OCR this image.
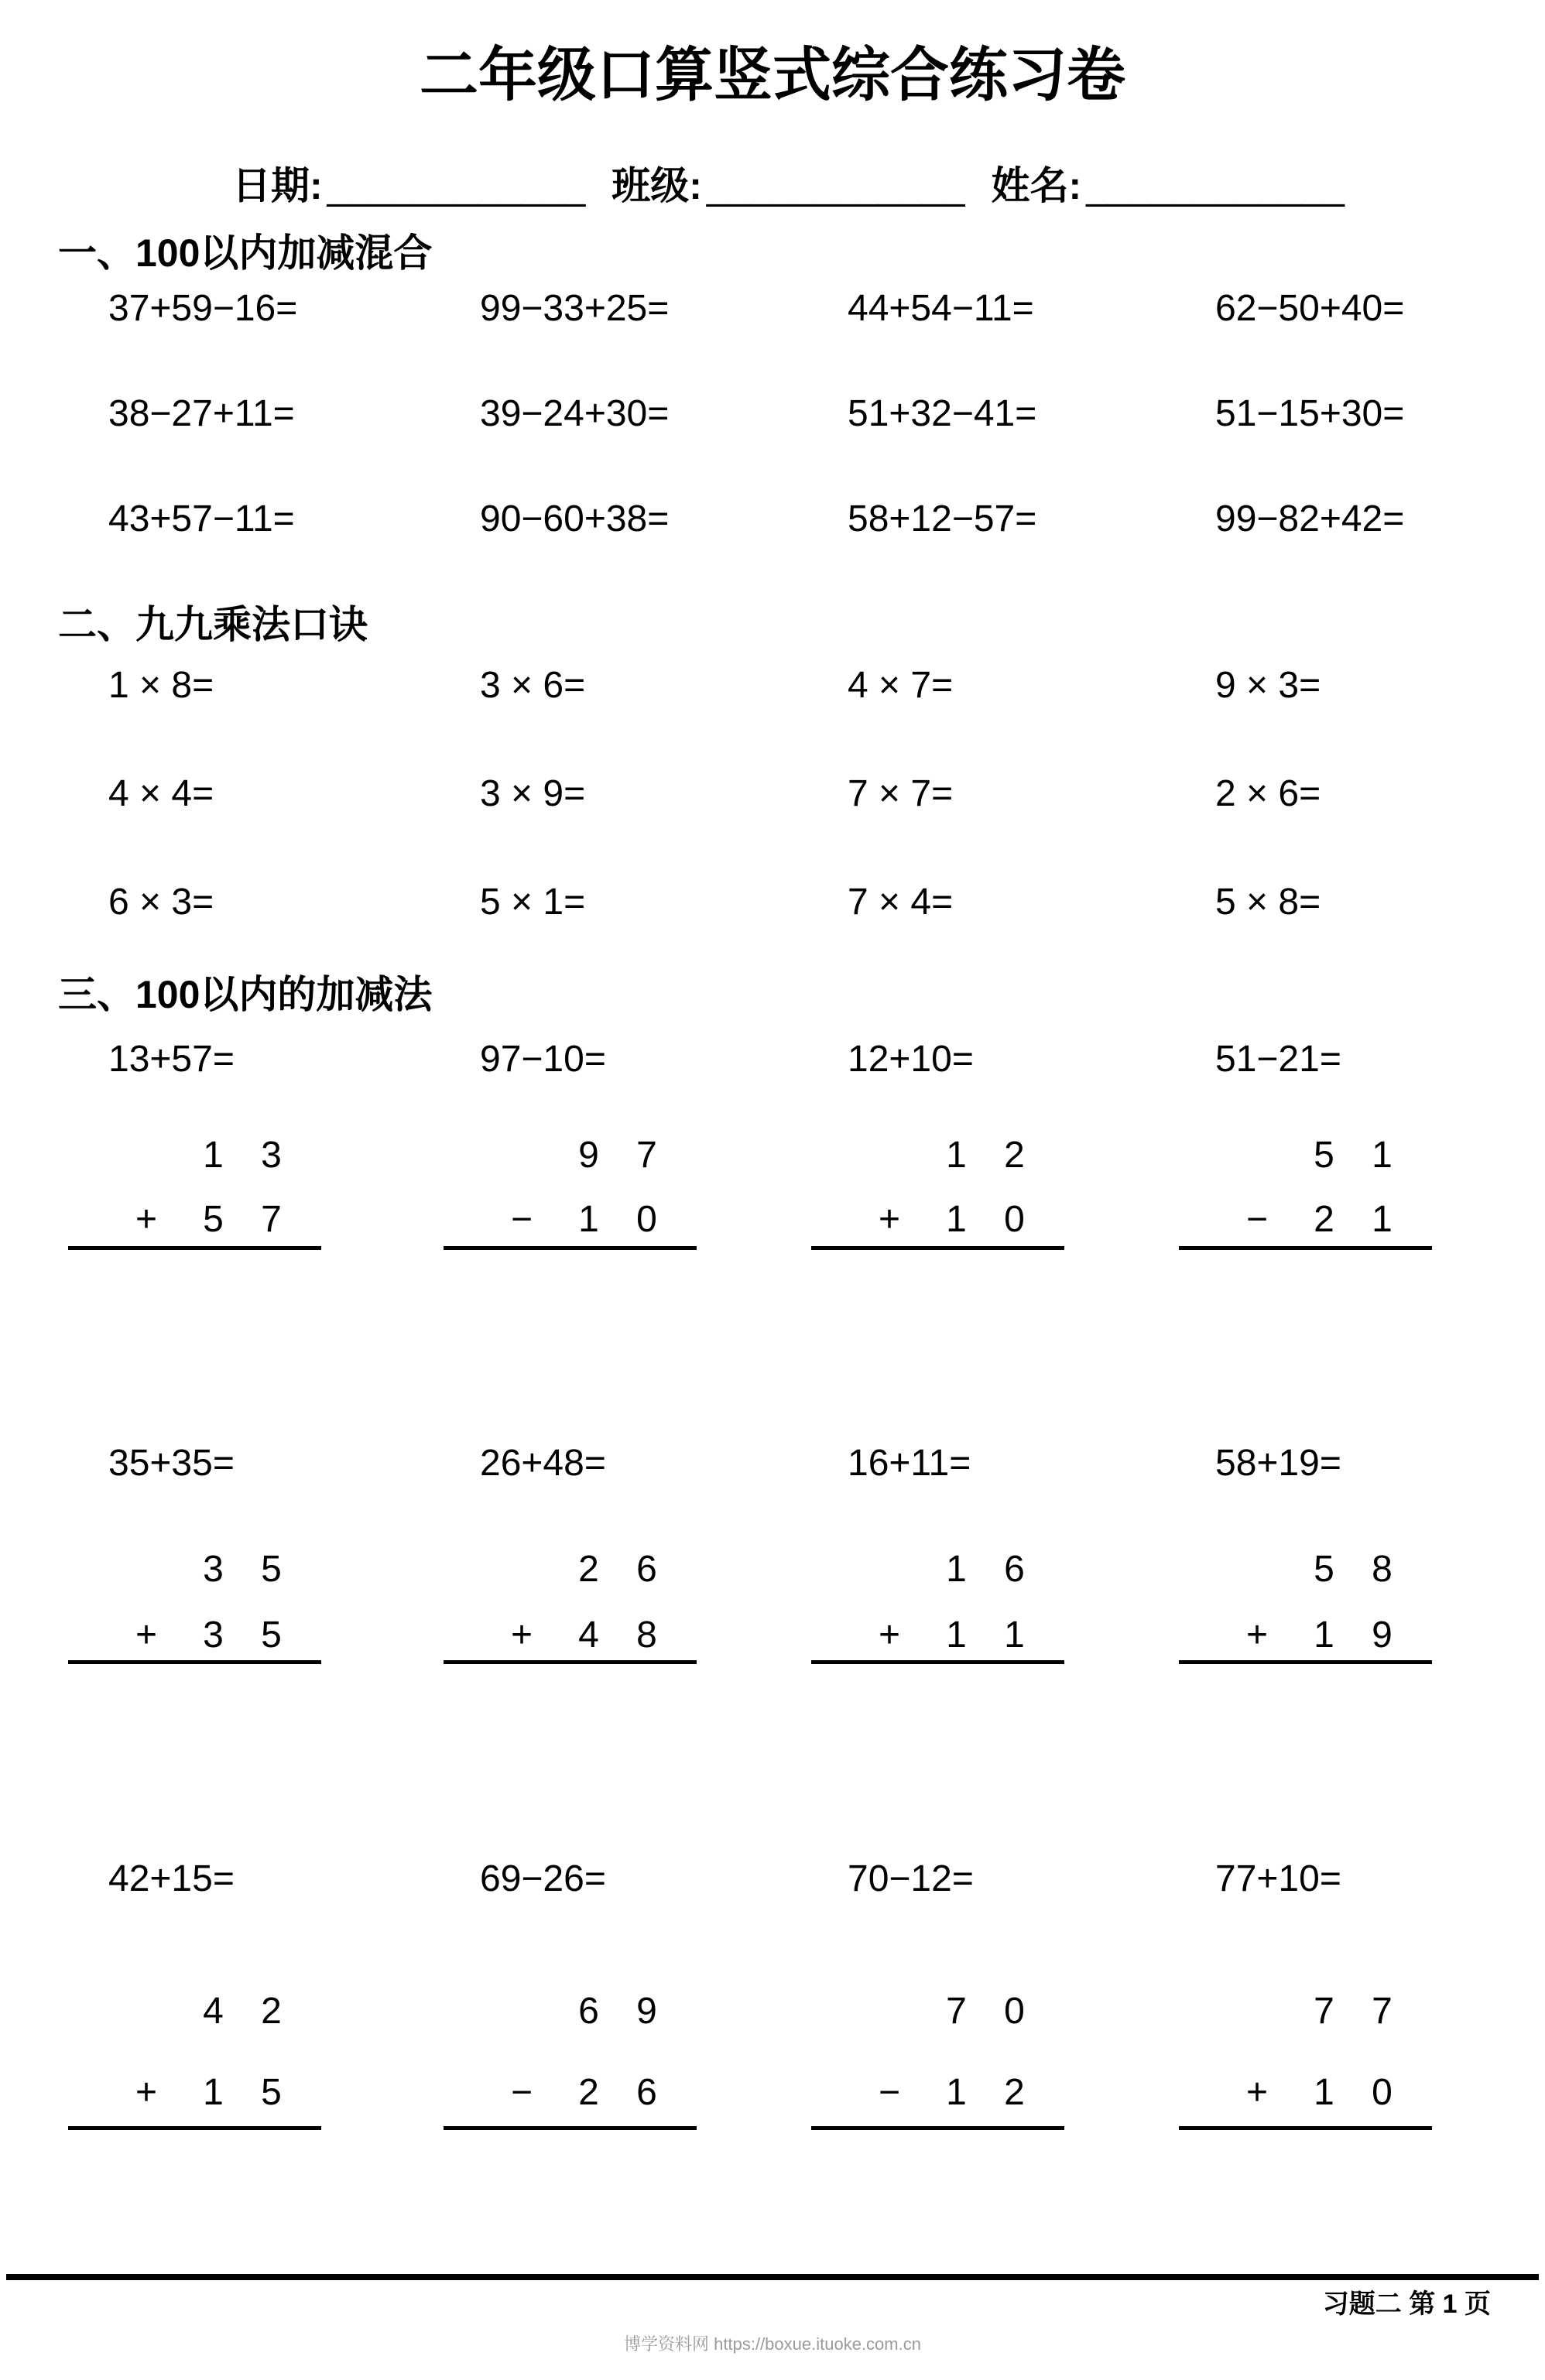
二年级口算竖式综合练习卷
日期: ____________ 班级: ____________ 姓名: ____________
一、100以内加减混合
37+59−16=	99−33+25=	44+54−11=	62−50+40=
38−27+11=	39−24+30=	51+32−41=	51−15+30=
43+57−11=	90−60+38=	58+12−57=	99−82+42=
二、九九乘法口诀
1 × 8=	3 × 6=	4 × 7=	9 × 3=
4 × 4=	3 × 9=	7 × 7=	2 × 6=
6 × 3=	5 × 1=	7 × 4=	5 × 8=
三、100以内的加减法
13+57=	97−10=	12+10=	51−21=
1	3
+	5	7
9	7
−	1	0
1	2
+	1	0
5	1
−	2	1
35+35=	26+48=	16+11=	58+19=
3	5
+	3	5
2	6
+	4	8
1	6
+	1	1
5	8
+	1	9
42+15=	69−26=	70−12=	77+10=
4	2
+	1	5
6	9
−	2	6
7	0
−	1	2
7	7
+	1	0
习题二 第 1 页
博学资料网 https://boxue.ituoke.com.cn
